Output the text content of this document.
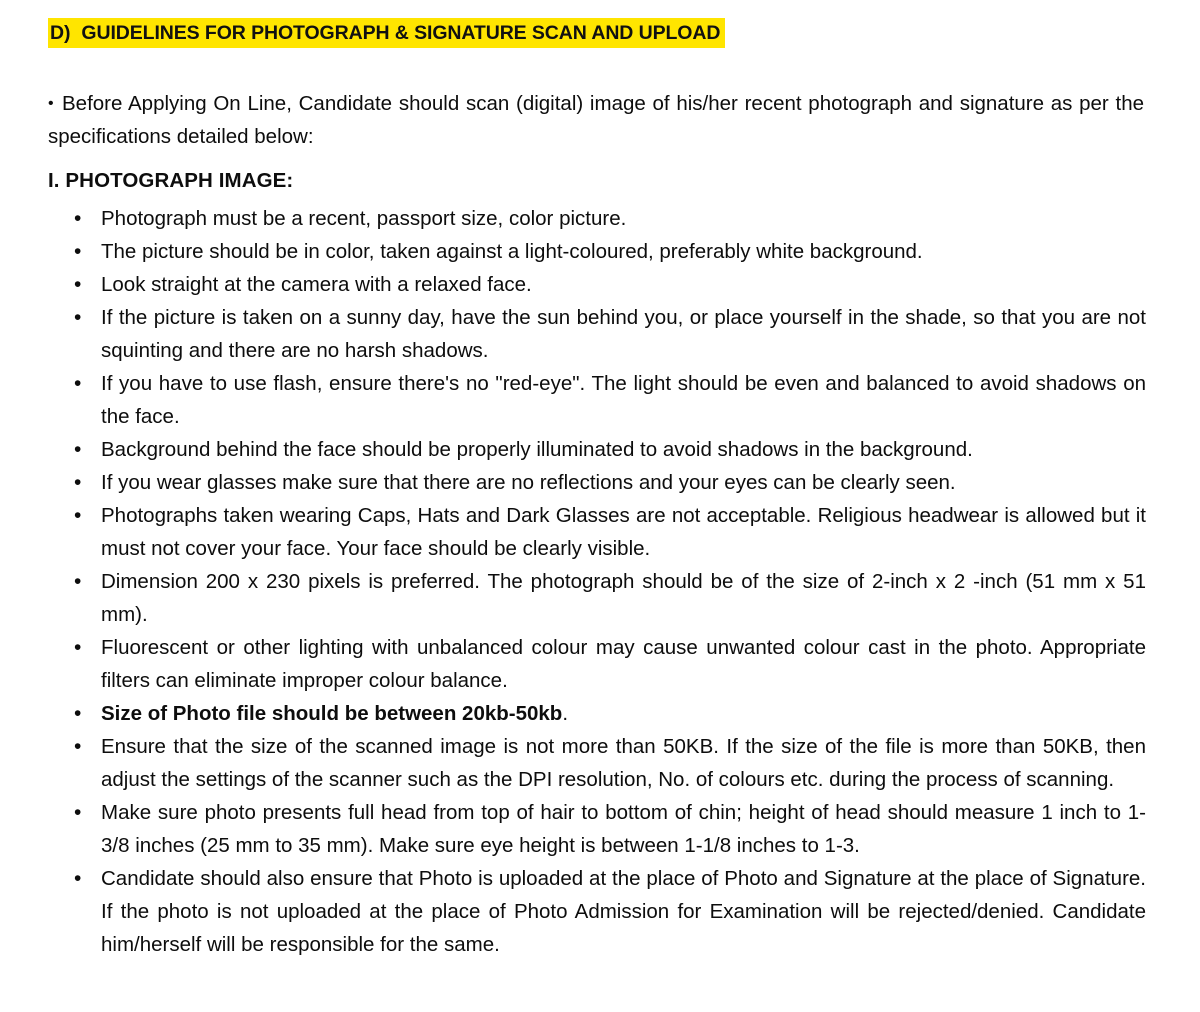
D) GUIDELINES FOR PHOTOGRAPH & SIGNATURE SCAN AND UPLOAD

• Before Applying On Line, Candidate should scan (digital) image of his/her recent photograph and signature as per the specifications detailed below:

I. PHOTOGRAPH IMAGE:
• Photograph must be a recent, passport size, color picture.
• The picture should be in color, taken against a light-coloured, preferably white background.
• Look straight at the camera with a relaxed face.
• If the picture is taken on a sunny day, have the sun behind you, or place yourself in the shade, so that you are not squinting and there are no harsh shadows.
• If you have to use flash, ensure there's no "red-eye". The light should be even and balanced to avoid shadows on the face.
• Background behind the face should be properly illuminated to avoid shadows in the background.
• If you wear glasses make sure that there are no reflections and your eyes can be clearly seen.
• Photographs taken wearing Caps, Hats and Dark Glasses are not acceptable. Religious headwear is allowed but it must not cover your face. Your face should be clearly visible.
• Dimension 200 x 230 pixels is preferred. The photograph should be of the size of 2-inch x 2 -inch (51 mm x 51 mm).
• Fluorescent or other lighting with unbalanced colour may cause unwanted colour cast in the photo. Appropriate filters can eliminate improper colour balance.
• Size of Photo file should be between 20kb-50kb.
• Ensure that the size of the scanned image is not more than 50KB. If the size of the file is more than 50KB, then adjust the settings of the scanner such as the DPI resolution, No. of colours etc. during the process of scanning.
• Make sure photo presents full head from top of hair to bottom of chin; height of head should measure 1 inch to 1-3/8 inches (25 mm to 35 mm). Make sure eye height is between 1-1/8 inches to 1-3.
• Candidate should also ensure that Photo is uploaded at the place of Photo and Signature at the place of Signature. If the photo is not uploaded at the place of Photo Admission for Examination will be rejected/denied. Candidate him/herself will be responsible for the same.
